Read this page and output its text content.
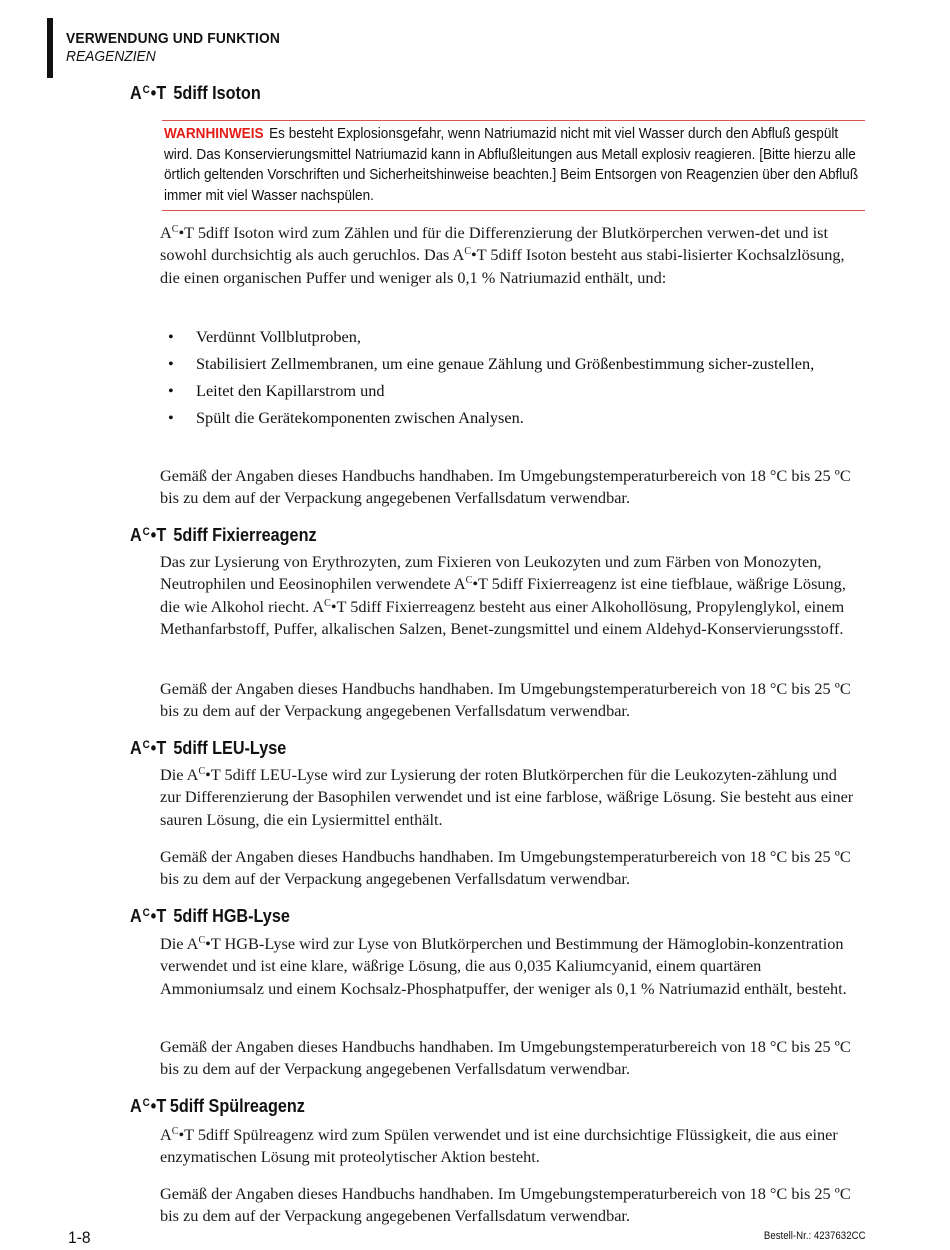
VERWENDUNG UND FUNKTION
REAGENZIEN
$A^C•T$ 5diff Isoton
WARNHINWEIS Es besteht Explosionsgefahr, wenn Natriumazid nicht mit viel Wasser durch den Abfluß gespült wird. Das Konservierungsmittel Natriumazid kann in Abflußleitungen aus Metall explosiv reagieren. [Bitte hierzu alle örtlich geltenden Vorschriften und Sicherheitshinweise beachten.] Beim Entsorgen von Reagenzien über den Abfluß immer mit viel Wasser nachspülen.
$A^C•T$ 5diff Isoton wird zum Zählen und für die Differenzierung der Blutkörperchen verwen-det und ist sowohl durchsichtig als auch geruchlos. Das $A^C•T$ 5diff Isoton besteht aus stabi-lisierter Kochsalzlösung, die einen organischen Puffer und weniger als 0,1 % Natriumazid enthält, und:
• Verdünnt Vollblutproben,
• Stabilisiert Zellmembranen, um eine genaue Zählung und Größenbestimmung sicher-zustellen,
• Leitet den Kapillarstrom und
• Spült die Gerätekomponenten zwischen Analysen.
Gemäß der Angaben dieses Handbuchs handhaben. Im Umgebungstemperaturbereich von 18 °C bis 25 ºC bis zu dem auf der Verpackung angegebenen Verfallsdatum verwendbar.
$A^C•T$ 5diff Fixierreagenz
Das zur Lysierung von Erythrozyten, zum Fixieren von Leukozyten und zum Färben von Monozyten, Neutrophilen und Eeosinophilen verwendete $A^C•T$ 5diff Fixierreagenz ist eine tiefblaue, wäßrige Lösung, die wie Alkohol riecht. $A^C•T$ 5diff Fixierreagenz besteht aus einer Alkohollösung, Propylenglykol, einem Methanfarbstoff, Puffer, alkalischen Salzen, Benet-zungsmittel und einem Aldehyd-Konservierungsstoff.
Gemäß der Angaben dieses Handbuchs handhaben. Im Umgebungstemperaturbereich von 18 °C bis 25 ºC bis zu dem auf der Verpackung angegebenen Verfallsdatum verwendbar.
$A^C•T$ 5diff LEU-Lyse
Die $A^C•T$ 5diff LEU-Lyse wird zur Lysierung der roten Blutkörperchen für die Leukozyten-zählung und zur Differenzierung der Basophilen verwendet und ist eine farblose, wäßrige Lösung. Sie besteht aus einer sauren Lösung, die ein Lysiermittel enthält.
Gemäß der Angaben dieses Handbuchs handhaben. Im Umgebungstemperaturbereich von 18 °C bis 25 ºC bis zu dem auf der Verpackung angegebenen Verfallsdatum verwendbar.
$A^C•T$ 5diff HGB-Lyse
Die $A^C•T$ HGB-Lyse wird zur Lyse von Blutkörperchen und Bestimmung der Hämoglobin-konzentration verwendet und ist eine klare, wäßrige Lösung, die aus 0,035 Kaliumcyanid, einem quartären Ammoniumsalz und einem Kochsalz-Phosphatpuffer, der weniger als 0,1 % Natriumazid enthält, besteht.
Gemäß der Angaben dieses Handbuchs handhaben. Im Umgebungstemperaturbereich von 18 °C bis 25 ºC bis zu dem auf der Verpackung angegebenen Verfallsdatum verwendbar.
$A^C•T$ 5diff Spülreagenz
$A^C•T$ 5diff Spülreagenz wird zum Spülen verwendet und ist eine durchsichtige Flüssigkeit, die aus einer enzymatischen Lösung mit proteolytischer Aktion besteht.
Gemäß der Angaben dieses Handbuchs handhaben. Im Umgebungstemperaturbereich von 18 °C bis 25 ºC bis zu dem auf der Verpackung angegebenen Verfallsdatum verwendbar.
1-8	Bestell-Nr.: 4237632CC
